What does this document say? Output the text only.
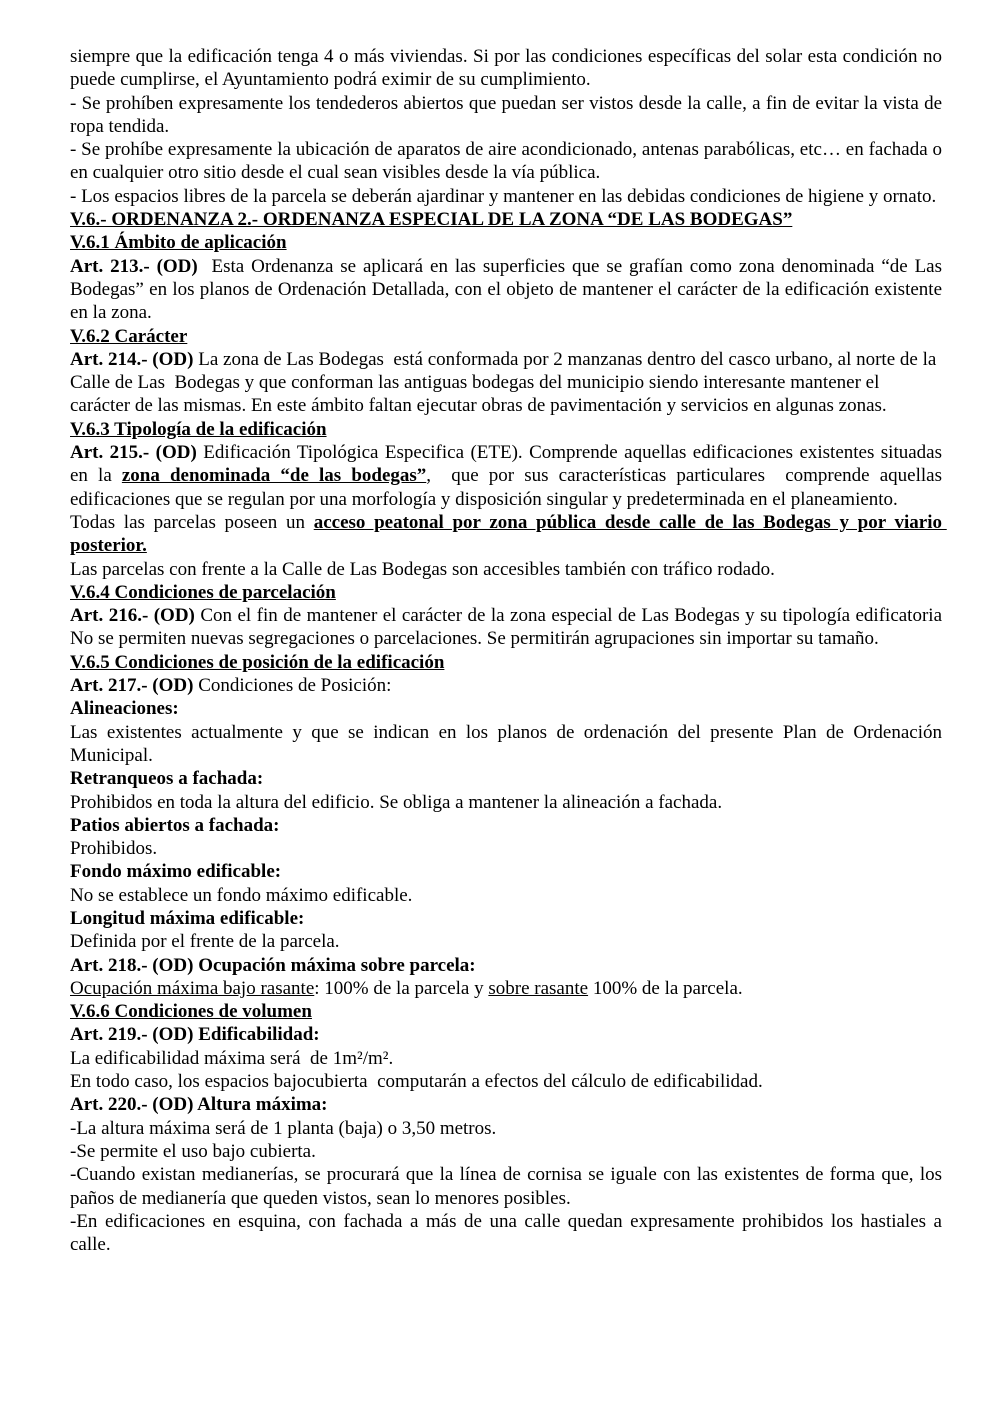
siempre que la edificación tenga 4 o más viviendas. Si por las condiciones específicas del solar esta condición no puede cumplirse, el Ayuntamiento podrá eximir de su cumplimiento.

- Se prohíben expresamente los tendederos abiertos que puedan ser vistos desde la calle, a fin de evitar la vista de ropa tendida.

- Se prohíbe expresamente la ubicación de aparatos de aire acondicionado, antenas parabólicas, etc… en fachada o en cualquier otro sitio desde el cual sean visibles desde la vía pública.

- Los espacios libres de la parcela se deberán ajardinar y mantener en las debidas condiciones de higiene y ornato.

V.6.- ORDENANZA 2.- ORDENANZA ESPECIAL DE LA ZONA “DE LAS BODEGAS”

V.6.1 Ámbito de aplicación

Art. 213.- (OD)  Esta Ordenanza se aplicará en las superficies que se grafían como zona denominada “de Las Bodegas” en los planos de Ordenación Detallada, con el objeto de mantener el carácter de la edificación existente en la zona.

V.6.2 Carácter

Art. 214.- (OD) La zona de Las Bodegas  está conformada por 2 manzanas dentro del casco urbano, al norte de la Calle de Las  Bodegas y que conforman las antiguas bodegas del municipio siendo interesante mantener el carácter de las mismas. En este ámbito faltan ejecutar obras de pavimentación y servicios en algunas zonas.

V.6.3 Tipología de la edificación

Art. 215.- (OD) Edificación Tipológica Especifica (ETE). Comprende aquellas edificaciones existentes situadas en la zona denominada “de las bodegas”,  que por sus características particulares  comprende aquellas edificaciones que se regulan por una morfología y disposición singular y predeterminada en el planeamiento.

Todas las parcelas poseen un acceso peatonal por zona pública desde calle de las Bodegas y por viario posterior.

Las parcelas con frente a la Calle de Las Bodegas son accesibles también con tráfico rodado.

V.6.4 Condiciones de parcelación

Art. 216.- (OD) Con el fin de mantener el carácter de la zona especial de Las Bodegas y su tipología edificatoria No se permiten nuevas segregaciones o parcelaciones. Se permitirán agrupaciones sin importar su tamaño.

V.6.5 Condiciones de posición de la edificación

Art. 217.- (OD) Condiciones de Posición:

Alineaciones:

Las existentes actualmente y que se indican en los planos de ordenación del presente Plan de Ordenación Municipal.

Retranqueos a fachada:

Prohibidos en toda la altura del edificio. Se obliga a mantener la alineación a fachada.

Patios abiertos a fachada:

Prohibidos.

Fondo máximo edificable:

No se establece un fondo máximo edificable.

Longitud máxima edificable:

Definida por el frente de la parcela.

Art. 218.- (OD) Ocupación máxima sobre parcela:

Ocupación máxima bajo rasante: 100% de la parcela y sobre rasante 100% de la parcela.

V.6.6 Condiciones de volumen

Art. 219.- (OD) Edificabilidad:

La edificabilidad máxima será  de 1m²/m².

En todo caso, los espacios bajocubierta  computarán a efectos del cálculo de edificabilidad.

Art. 220.- (OD) Altura máxima:

-La altura máxima será de 1 planta (baja) o 3,50 metros.

-Se permite el uso bajo cubierta.

-Cuando existan medianerías, se procurará que la línea de cornisa se iguale con las existentes de forma que, los paños de medianería que queden vistos, sean lo menores posibles.

-En edificaciones en esquina, con fachada a más de una calle quedan expresamente prohibidos los hastiales a calle.
